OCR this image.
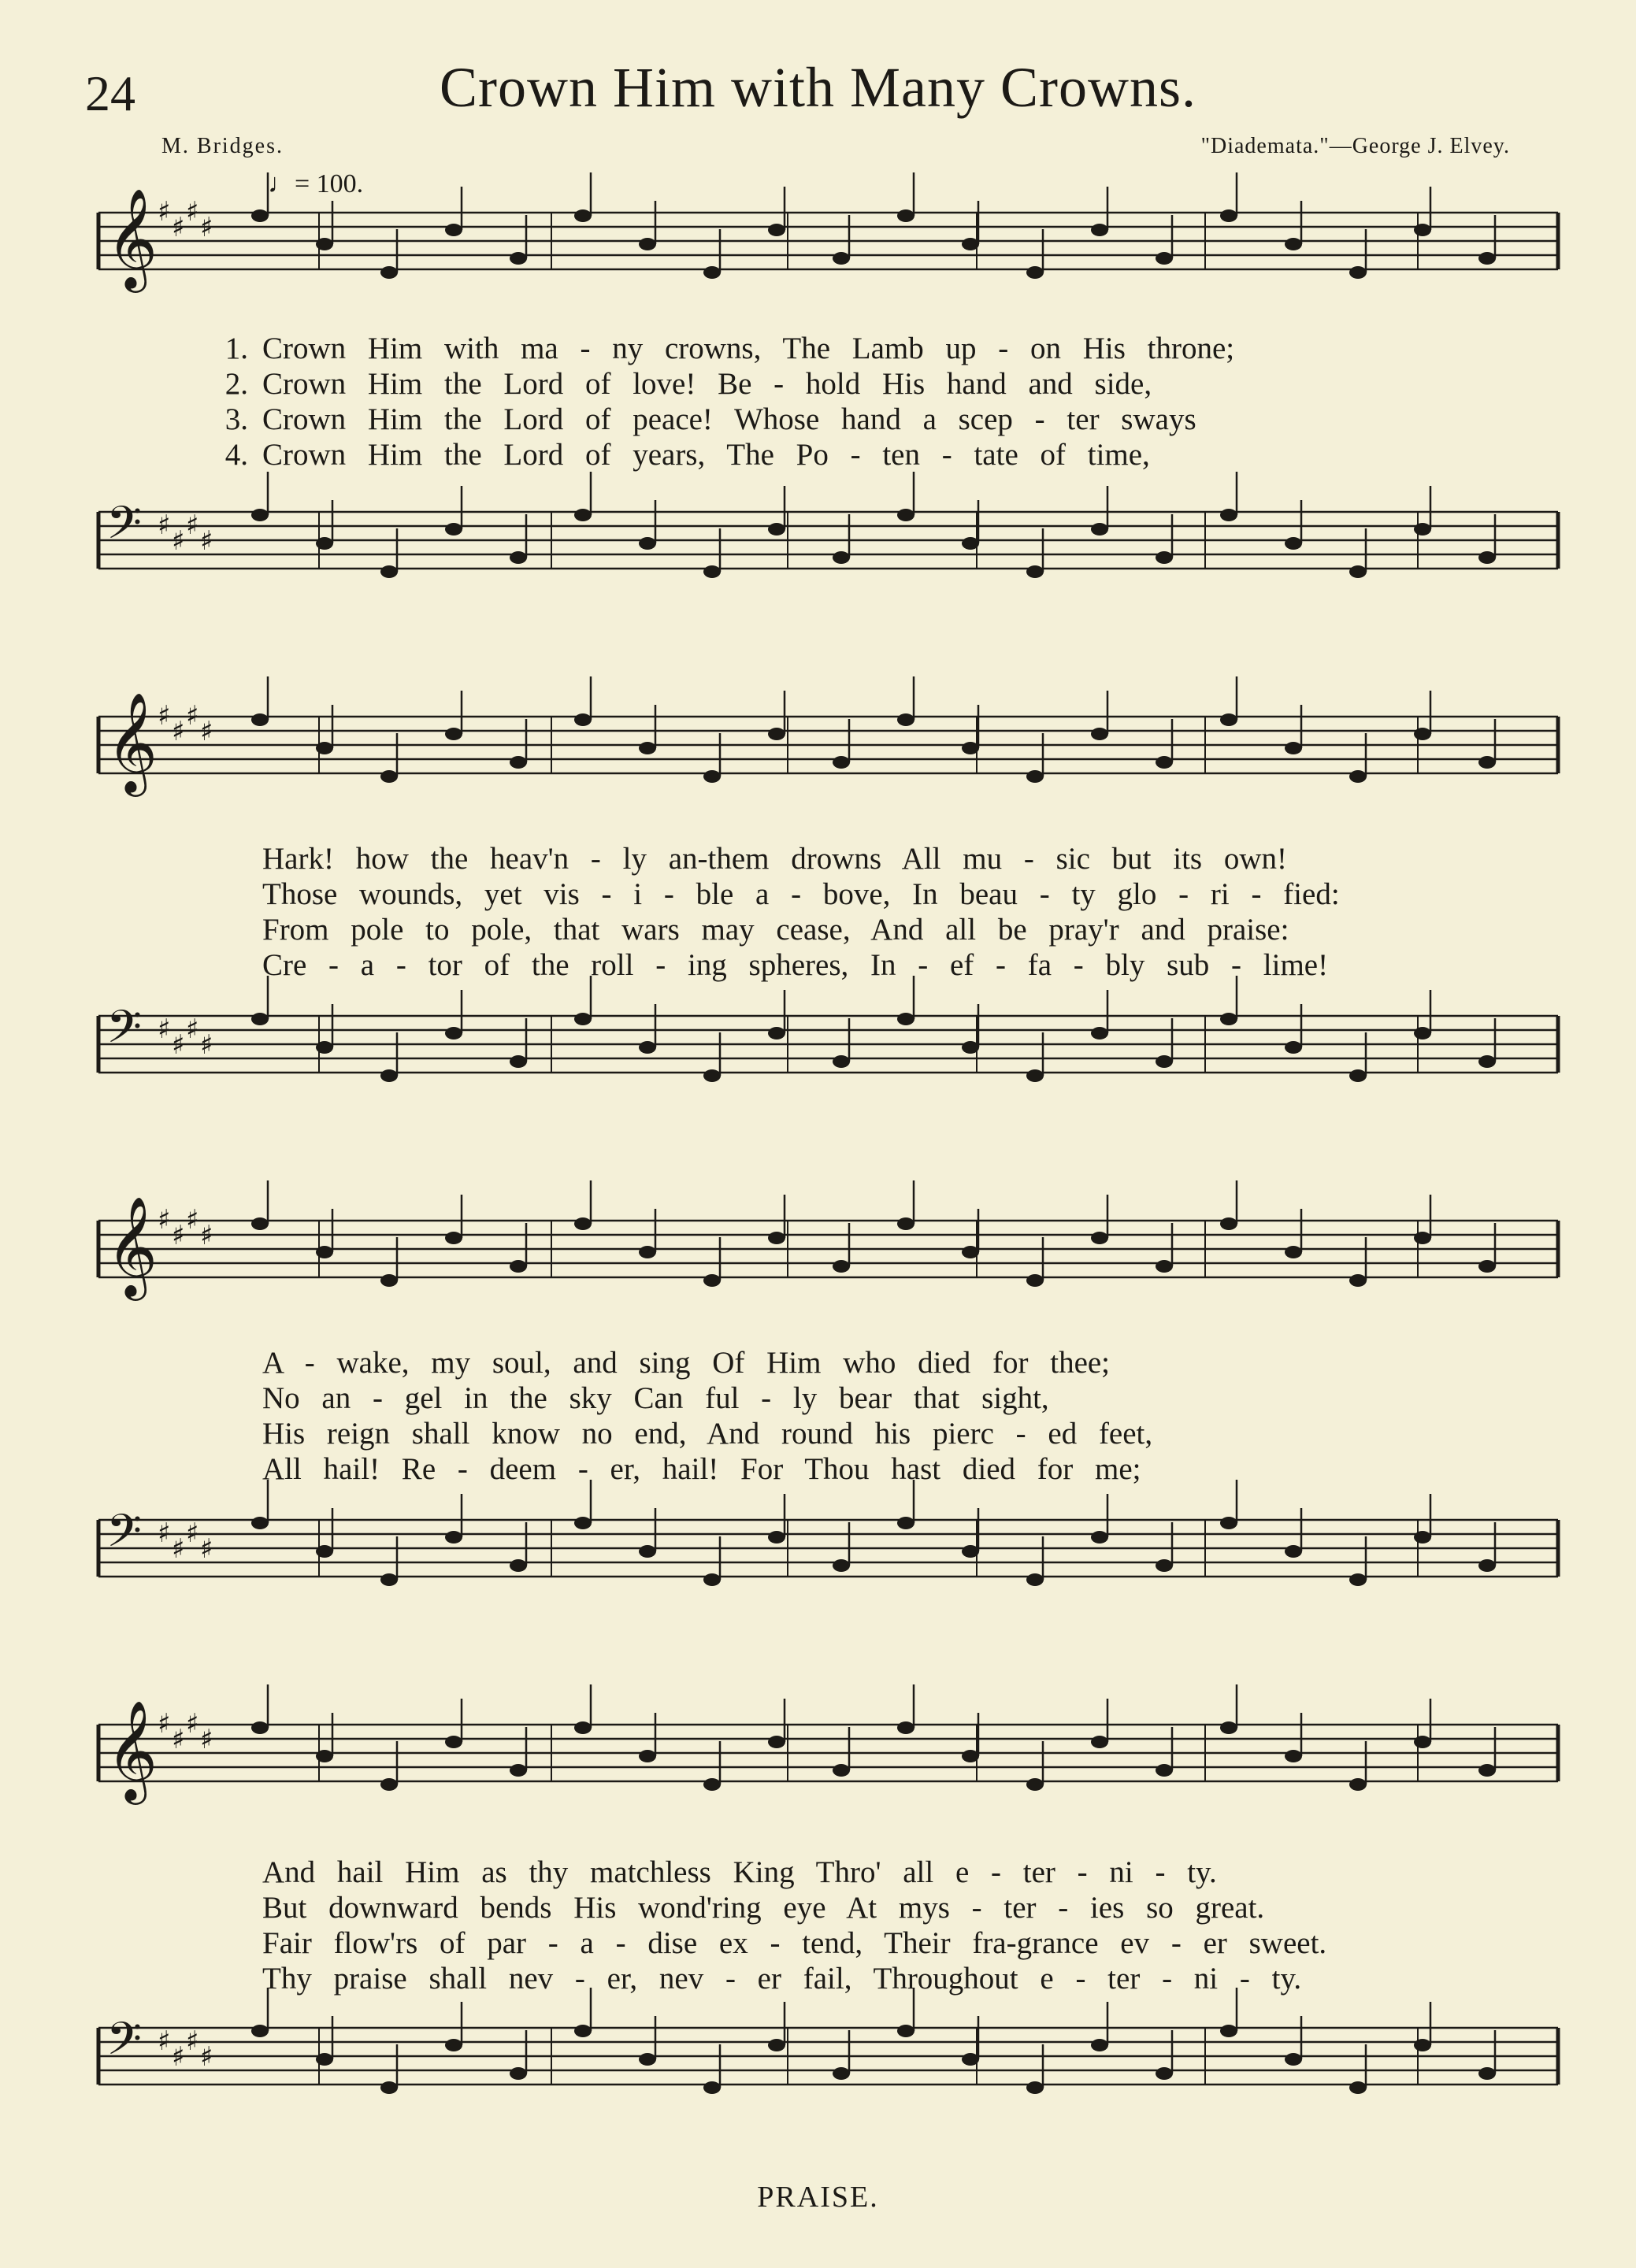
24	Crown Him with Many Crowns.
M. Bridges.	"Diademata."—George J. Elvey.
♩= 100.
𝄞 ♯ ♯ ♯ ♯
1. Crown Him with ma - ny crowns, The Lamb up - on His throne;
2. Crown Him the Lord of love! Be - hold His hand and side,
3. Crown Him the Lord of peace! Whose hand a scep - ter sways
4. Crown Him the Lord of years, The Po - ten - tate of time,
𝄢 ♯ ♯ ♯ ♯
𝄞 ♯ ♯ ♯ ♯
Hark! how the heav'n - ly an-them drowns All mu - sic but its own!
Those wounds, yet vis - i - ble a - bove, In beau - ty glo - ri - fied:
From pole to pole, that wars may cease, And all be pray'r and praise:
Cre - a - tor of the roll - ing spheres, In - ef - fa - bly sub - lime!
𝄢 ♯ ♯ ♯ ♯
𝄞 ♯ ♯ ♯ ♯
A - wake, my soul, and sing Of Him who died for thee;
No an - gel in the sky Can ful - ly bear that sight,
His reign shall know no end, And round his pierc - ed feet,
All hail! Re - deem - er, hail! For Thou hast died for me;
𝄢 ♯ ♯ ♯ ♯
𝄞 ♯ ♯ ♯ ♯
And hail Him as thy matchless King Thro' all e - ter - ni - ty.
But downward bends His wond'ring eye At mys - ter - ies so great.
Fair flow'rs of par - a - dise ex - tend, Their fra-grance ev - er sweet.
Thy praise shall nev - er, nev - er fail, Throughout e - ter - ni - ty.
𝄢 ♯ ♯ ♯ ♯
PRAISE.
